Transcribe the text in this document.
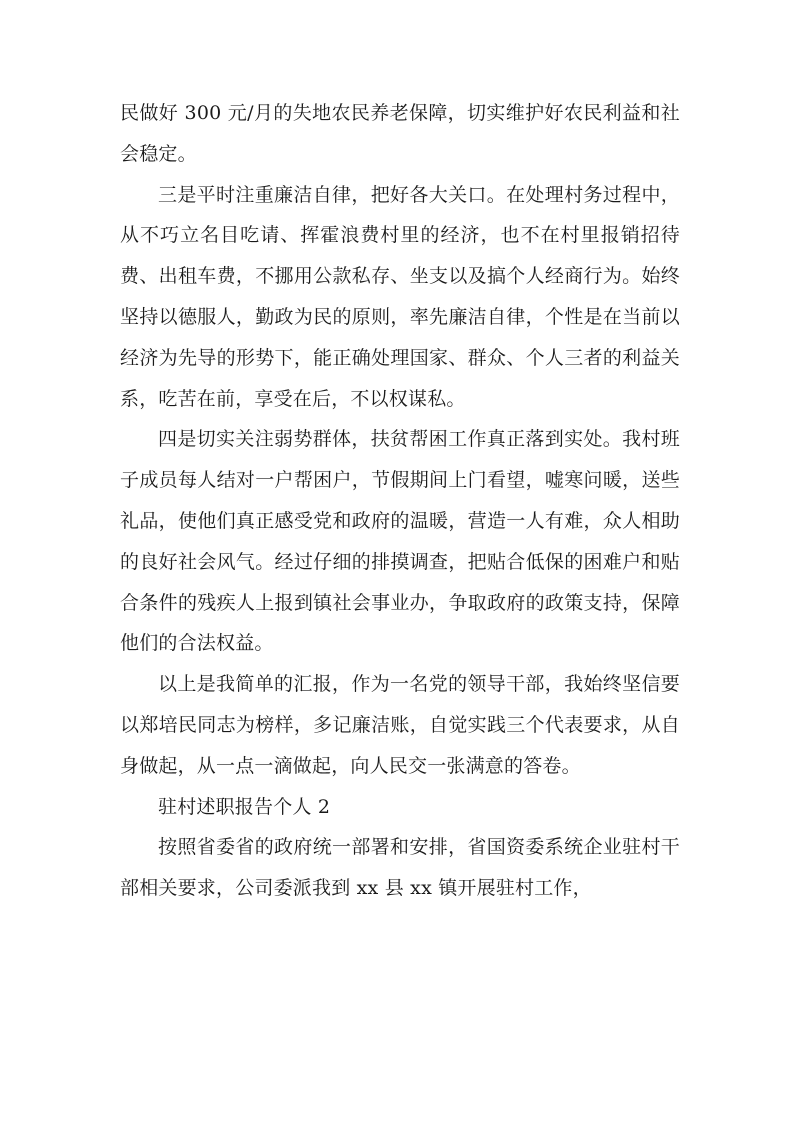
民做好 300 元/月的失地农民养老保障，切实维护好农民利益和社会稳定。

三是平时注重廉洁自律，把好各大关口。在处理村务过程中，从不巧立名目吃请、挥霍浪费村里的经济，也不在村里报销招待费、出租车费，不挪用公款私存、坐支以及搞个人经商行为。始终坚持以德服人，勤政为民的原则，率先廉洁自律，个性是在当前以经济为先导的形势下，能正确处理国家、群众、个人三者的利益关系，吃苦在前，享受在后，不以权谋私。

四是切实关注弱势群体，扶贫帮困工作真正落到实处。我村班子成员每人结对一户帮困户，节假期间上门看望，嘘寒问暖，送些礼品，使他们真正感受党和政府的温暖，营造一人有难，众人相助的良好社会风气。经过仔细的排摸调查，把贴合低保的困难户和贴合条件的残疾人上报到镇社会事业办，争取政府的政策支持，保障他们的合法权益。

以上是我简单的汇报，作为一名党的领导干部，我始终坚信要以郑培民同志为榜样，多记廉洁账，自觉实践三个代表要求，从自身做起，从一点一滴做起，向人民交一张满意的答卷。

驻村述职报告个人 2

按照省委省的政府统一部署和安排，省国资委系统企业驻村干部相关要求，公司委派我到 xx 县 xx 镇开展驻村工作，
